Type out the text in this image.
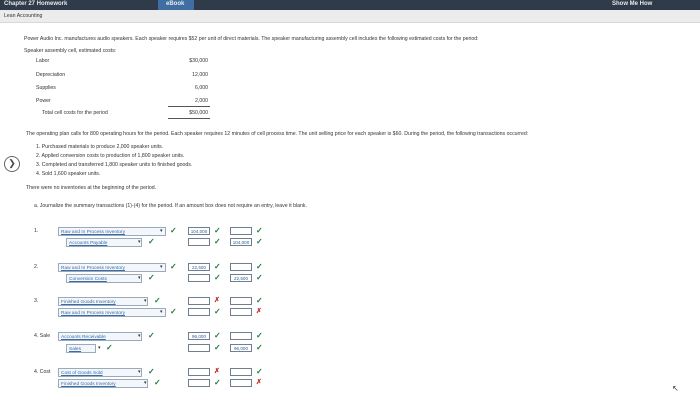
Chapter 27 Homework	eBook	Show Me How
Lean Accounting
❯
Power Audio Inc. manufactures audio speakers. Each speaker requires $52 per unit of direct materials. The speaker manufacturing assembly cell includes the following estimated costs for the period:
Speaker assembly cell, estimated costs:
Labor	$30,000
Depreciation	12,000
Supplies	6,000
Power	2,000
Total cell costs for the period	$50,000
The operating plan calls for 800 operating hours for the period. Each speaker requires 12 minutes of cell process time. The unit selling price for each speaker is $60. During the period, the following transactions occurred:
1. Purchased materials to produce 2,000 speaker units.
2. Applied conversion costs to production of 1,800 speaker units.
3. Completed and transferred 1,800 speaker units to finished goods.
4. Sold 1,600 speaker units.
There were no inventories at the beginning of the period.
a. Journalize the summary transactions (1)-(4) for the period. If an amount box does not require an entry, leave it blank.
1.	Raw and In Process Inventory	▾ ✓	104,000 ✓	✓
Accounts Payable	▾ ✓	✓	104,000 ✓
2.	Raw and In Process Inventory	▾ ✓	22,500 ✓	✓
Conversion Costs	▾ ✓	✓	22,500 ✓
3.	Finished Goods Inventory	▾ ✓	✗	✓
Raw and In Process Inventory	▾ ✓	✓	✗
4. Sale	Accounts Receivable	▾ ✓	96,000 ✓	✓
Sales	▾ ✓	✓	96,000 ✓
4. Cost	Cost of Goods Sold	▾ ✓	✗	✓
Finished Goods Inventory	▾ ✓	✓	✗
↖
